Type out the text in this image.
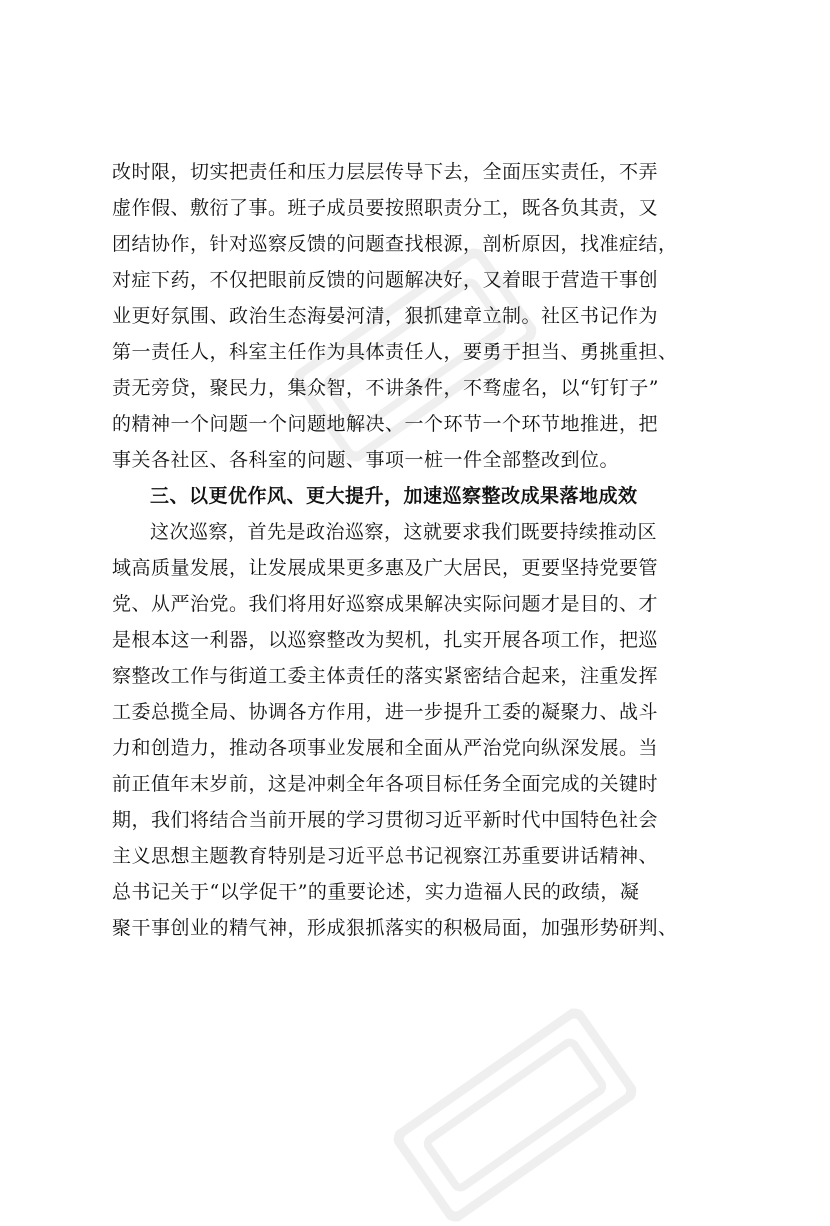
改时限，切实把责任和压力层层传导下去，全面压实责任，不弄
虚作假、敷衍了事。班子成员要按照职责分工，既各负其责，又
团结协作，针对巡察反馈的问题查找根源，剖析原因，找准症结，
对症下药，不仅把眼前反馈的问题解决好，又着眼于营造干事创
业更好氛围、政治生态海晏河清，狠抓建章立制。社区书记作为
第一责任人，科室主任作为具体责任人，要勇于担当、勇挑重担、
责无旁贷，聚民力，集众智，不讲条件，不骛虚名，以“钉钉子”
的精神一个问题一个问题地解决、一个环节一个环节地推进，把
事关各社区、各科室的问题、事项一桩一件全部整改到位。
三、以更优作风、更大提升，加速巡察整改成果落地成效
这次巡察，首先是政治巡察，这就要求我们既要持续推动区
域高质量发展，让发展成果更多惠及广大居民，更要坚持党要管
党、从严治党。我们将用好巡察成果解决实际问题才是目的、才
是根本这一利器，以巡察整改为契机，扎实开展各项工作，把巡
察整改工作与街道工委主体责任的落实紧密结合起来，注重发挥
工委总揽全局、协调各方作用，进一步提升工委的凝聚力、战斗
力和创造力，推动各项事业发展和全面从严治党向纵深发展。当
前正值年末岁前，这是冲刺全年各项目标任务全面完成的关键时
期，我们将结合当前开展的学习贯彻习近平新时代中国特色社会
主义思想主题教育特别是习近平总书记视察江苏重要讲话精神、
总书记关于“以学促干”的重要论述，实力造福人民的政绩，凝
聚干事创业的精气神，形成狠抓落实的积极局面，加强形势研判、
